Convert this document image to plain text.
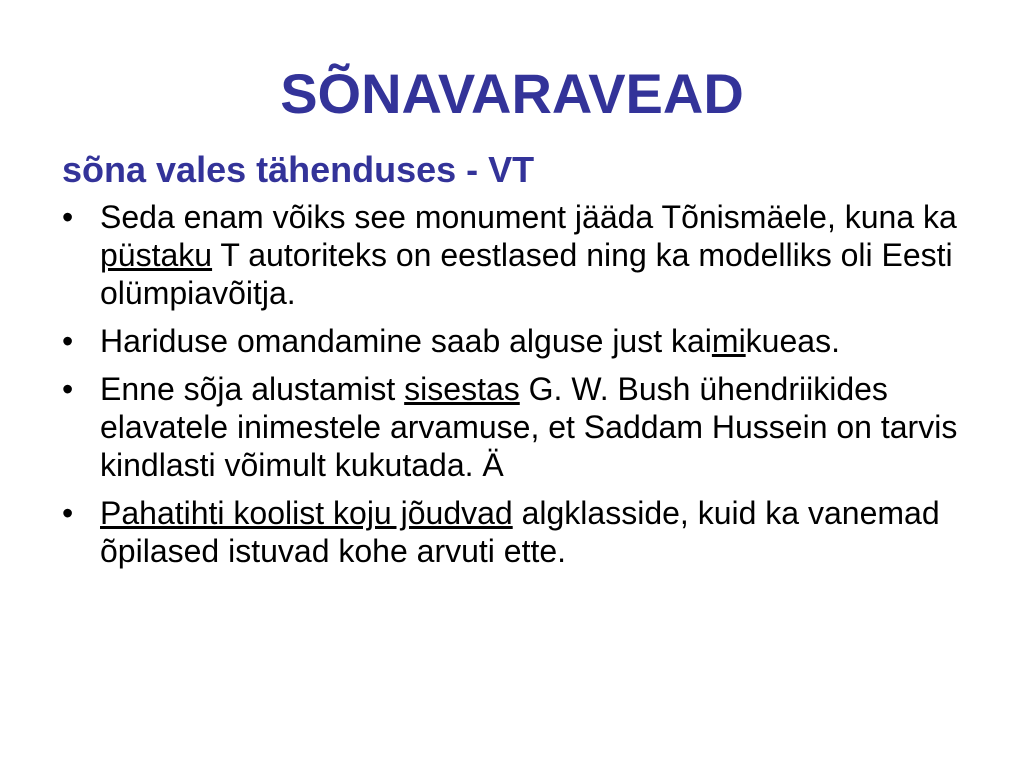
SÕNAVARAVEAD
sõna vales tähenduses - VT
• Seda enam võiks see monument jääda Tõnismäele, kuna ka püstaku T autoriteks on eestlased ning ka modelliks oli Eesti olümpiavõitja.
• Hariduse omandamine saab alguse just kaimikueas.
• Enne sõja alustamist sisestas G. W. Bush ühendriikides elavatele inimestele arvamuse, et Saddam Hussein on tarvis kindlasti võimult kukutada. Ä
• Pahatihti koolist koju jõudvad algklasside, kuid ka vanemad õpilased istuvad kohe arvuti ette.
